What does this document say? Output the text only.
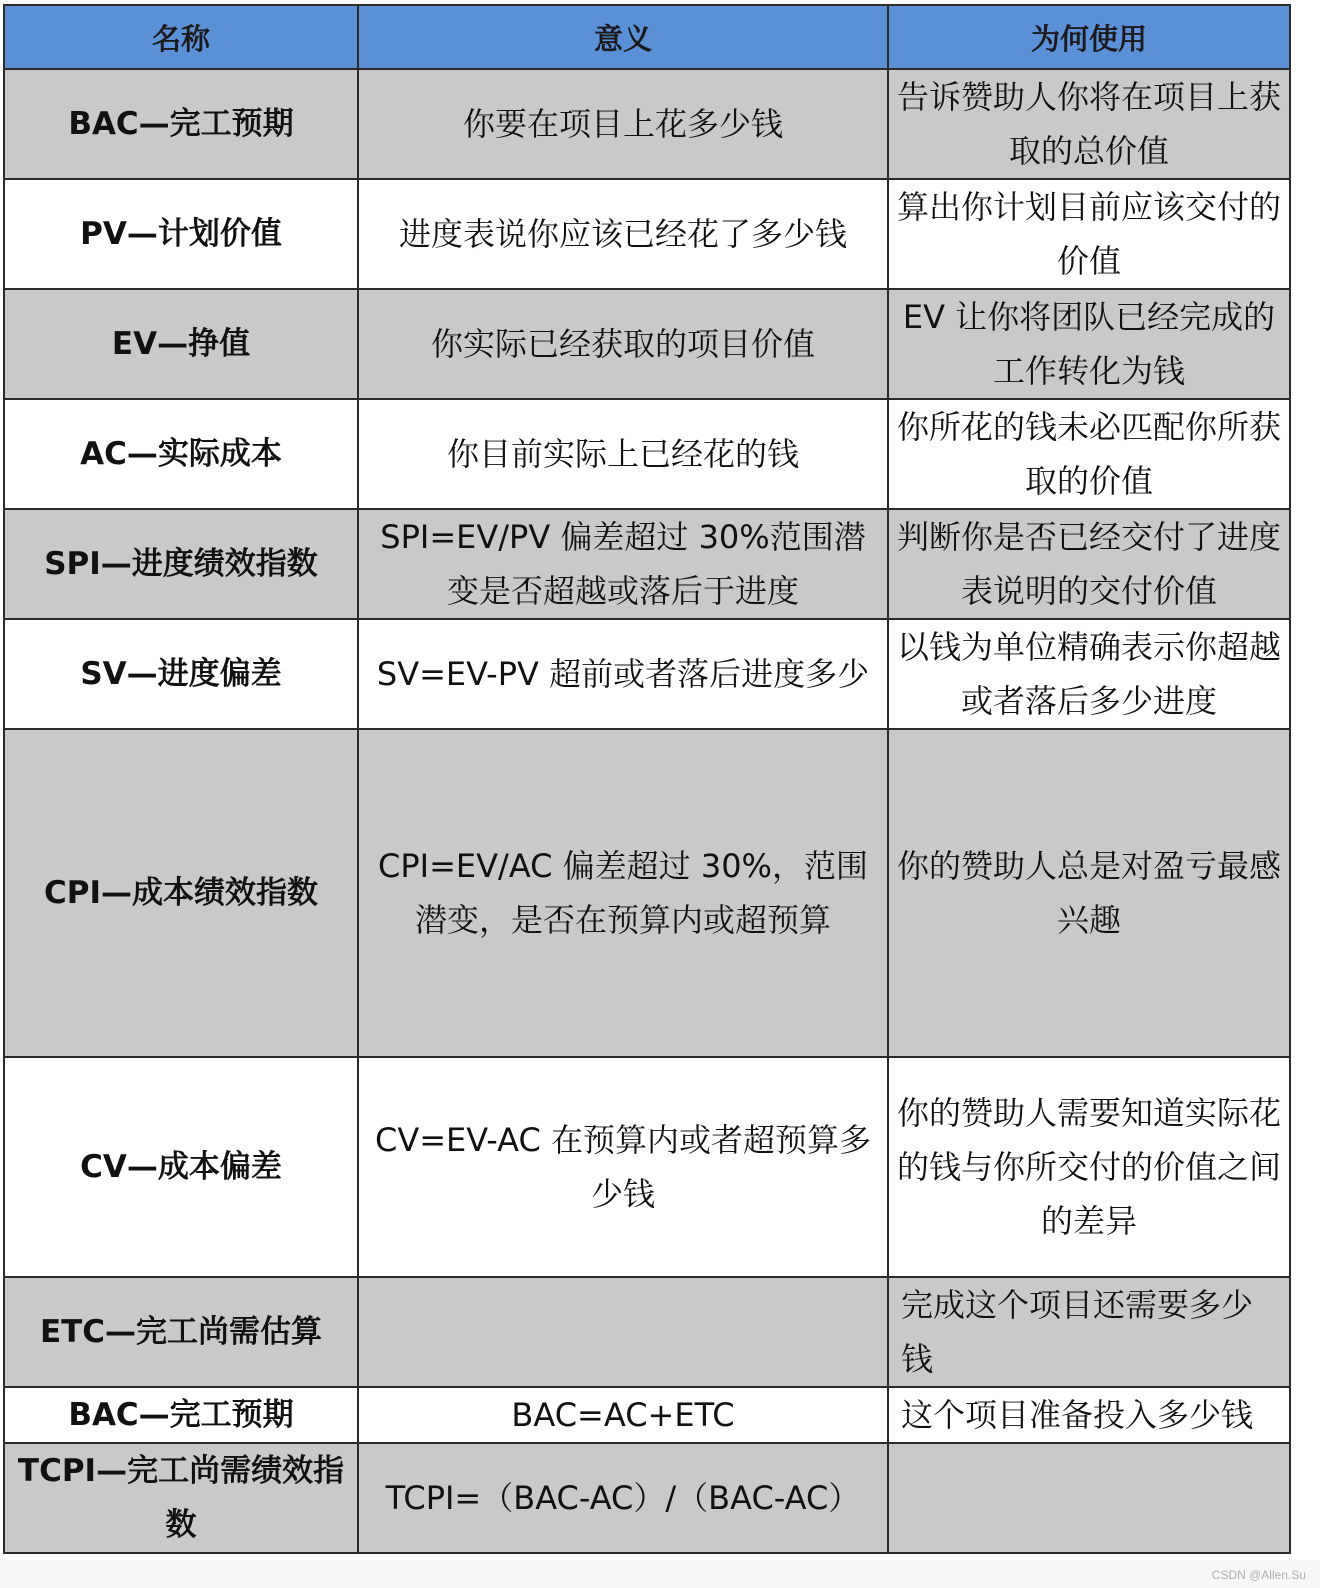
名称	意义	为何使用
BAC—完工预期	你要在项目上花多少钱	告诉赞助人你将在项目上获取的总价值
PV—计划价值	进度表说你应该已经花了多少钱	算出你计划目前应该交付的价值
EV—挣值	你实际已经获取的项目价值	EV 让你将团队已经完成的工作转化为钱
AC—实际成本	你目前实际上已经花的钱	你所花的钱未必匹配你所获取的价值
SPI—进度绩效指数	SPI=EV/PV 偏差超过 30%范围潜变是否超越或落后于进度	判断你是否已经交付了进度表说明的交付价值
SV—进度偏差	SV=EV-PV 超前或者落后进度多少	以钱为单位精确表示你超越或者落后多少进度
CPI—成本绩效指数	CPI=EV/AC 偏差超过 30%，范围潜变，是否在预算内或超预算	你的赞助人总是对盈亏最感兴趣
CV—成本偏差	CV=EV-AC 在预算内或者超预算多少钱	你的赞助人需要知道实际花的钱与你所交付的价值之间的差异
ETC—完工尚需估算		完成这个项目还需要多少钱
BAC—完工预期	BAC=AC+ETC	这个项目准备投入多少钱
TCPI—完工尚需绩效指数	TCPI=（BAC-AC）/（BAC-AC）	
CSDN @Allen.Su
